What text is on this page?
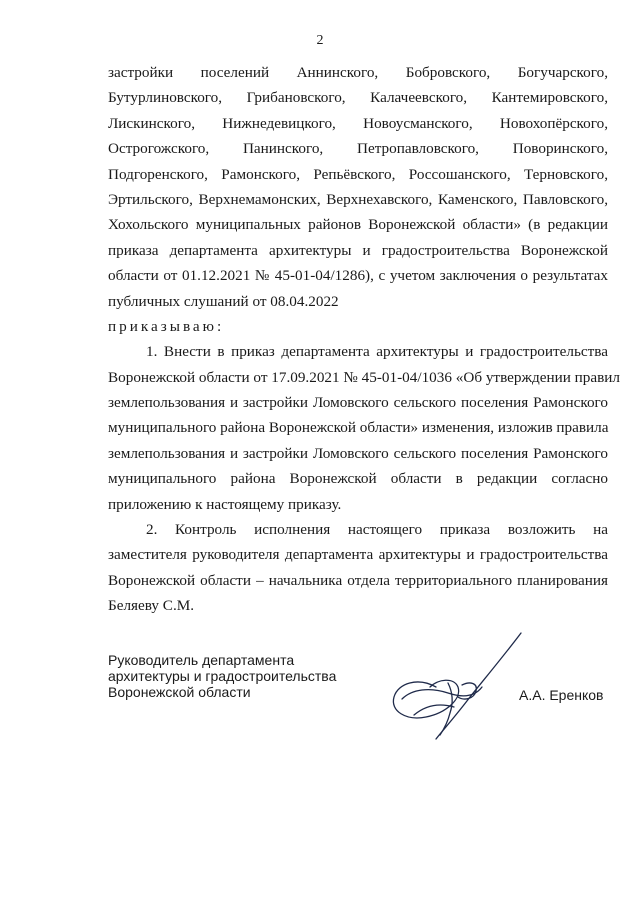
2
застройки поселений Аннинского, Бобровского, Богучарского,
Бутурлиновского, Грибановского, Калачеевского, Кантемировского,
Лискинского, Нижнедевицкого, Новоусманского, Новохопёрского,
Острогожского, Панинского, Петропавловского, Поворинского,
Подгоренского, Рамонского, Репьёвского, Россошанского, Терновского,
Эртильского, Верхнемамонских, Верхнехавского, Каменского, Павловского,
Хохольского муниципальных районов Воронежской области» (в редакции
приказа департамента архитектуры и градостроительства Воронежской
области от 01.12.2021 № 45-01-04/1286), с учетом заключения о результатах
публичных слушаний от 08.04.2022
приказываю:
1. Внести в приказ департамента архитектуры и градостроительства
Воронежской области от 17.09.2021 № 45-01-04/1036 «Об утверждении правил
землепользования и застройки Ломовского сельского поселения Рамонского
муниципального района Воронежской области» изменения, изложив правила
землепользования и застройки Ломовского сельского поселения Рамонского
муниципального района Воронежской области в редакции согласно
приложению к настоящему приказу.
2. Контроль исполнения настоящего приказа возложить на
заместителя руководителя департамента архитектуры и градостроительства
Воронежской области – начальника отдела территориального планирования
Беляеву С.М.
Руководитель департамента
архитектуры и градостроительства
Воронежской области	А.А. Еренков
